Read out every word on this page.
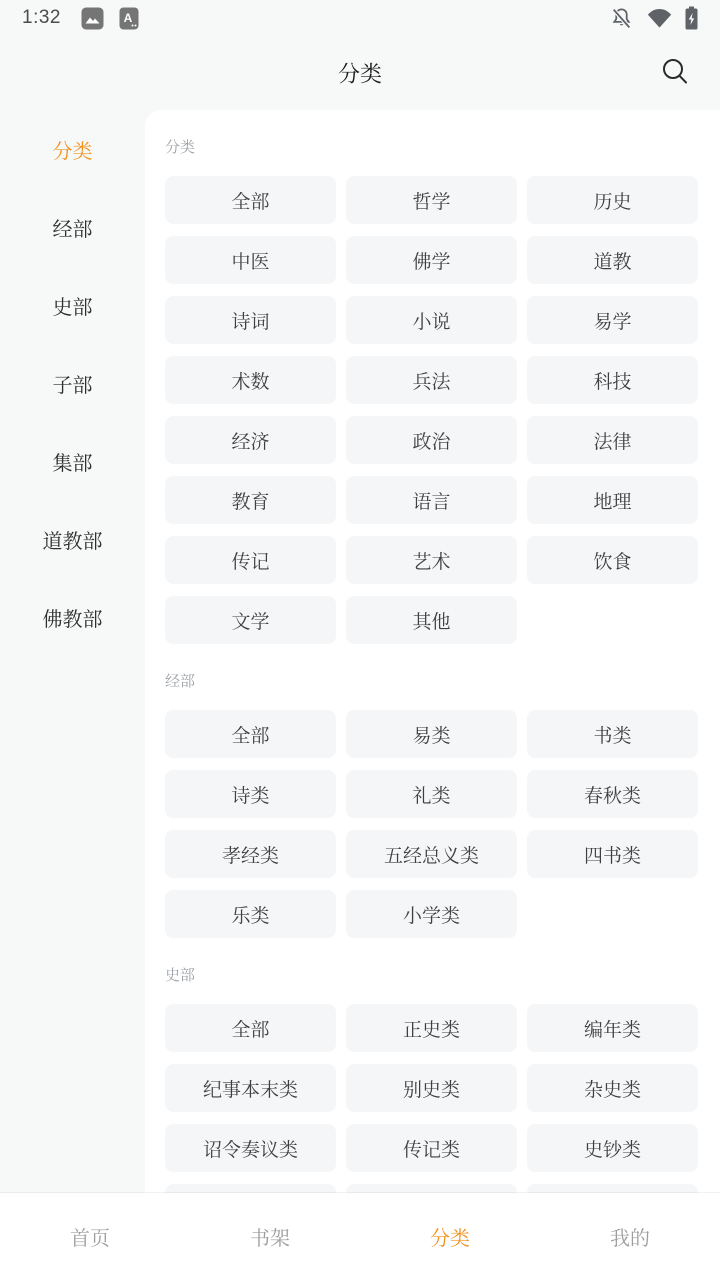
1:32	A
分类
分类
经部
史部
子部
集部
道教部
佛教部
分类
全部	哲学	历史
中医	佛学	道教
诗词	小说	易学
术数	兵法	科技
经济	政治	法律
教育	语言	地理
传记	艺术	饮食
文学	其他
经部
全部	易类	书类
诗类	礼类	春秋类
孝经类	五经总义类	四书类
乐类	小学类
史部
全部	正史类	编年类
纪事本末类	别史类	杂史类
诏令奏议类	传记类	史钞类
首页	书架	分类	我的
